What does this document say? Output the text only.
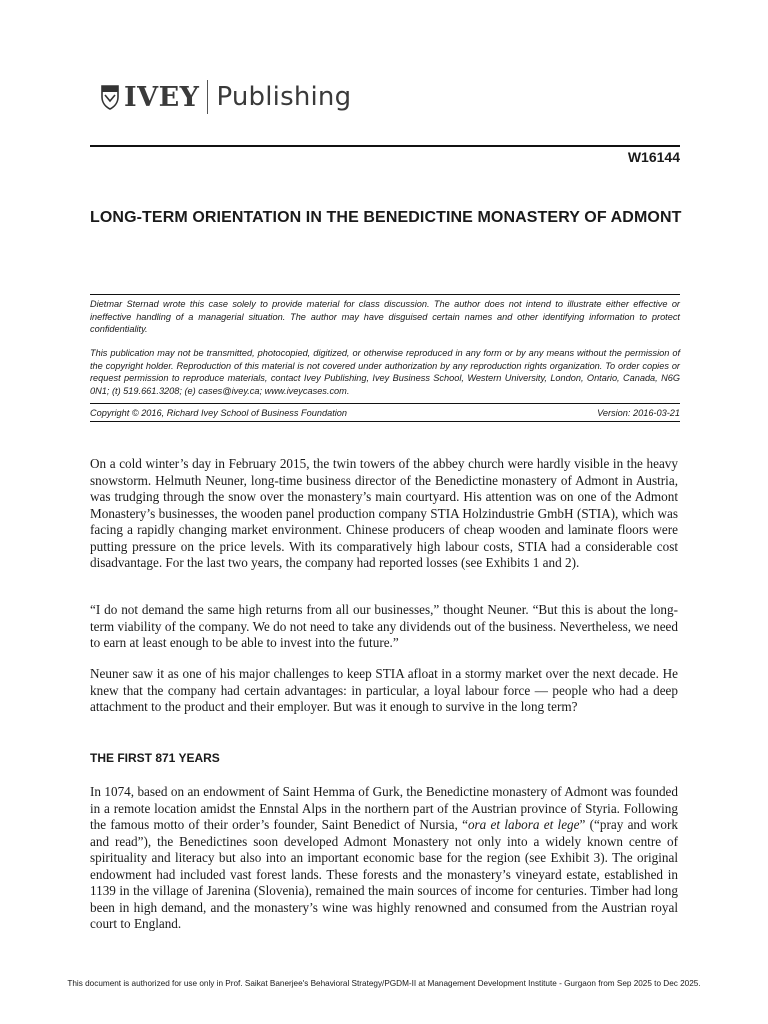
IVEY Publishing
W16144
LONG-TERM ORIENTATION IN THE BENEDICTINE MONASTERY OF ADMONT
Dietmar Sternad wrote this case solely to provide material for class discussion. The author does not intend to illustrate either effective or ineffective handling of a managerial situation. The author may have disguised certain names and other identifying information to protect confidentiality.
This publication may not be transmitted, photocopied, digitized, or otherwise reproduced in any form or by any means without the permission of the copyright holder. Reproduction of this material is not covered under authorization by any reproduction rights organization. To order copies or request permission to reproduce materials, contact Ivey Publishing, Ivey Business School, Western University, London, Ontario, Canada, N6G 0N1; (t) 519.661.3208; (e) cases@ivey.ca; www.iveycases.com.
Copyright © 2016, Richard Ivey School of Business Foundation	Version: 2016-03-21
On a cold winter’s day in February 2015, the twin towers of the abbey church were hardly visible in the heavy snowstorm. Helmuth Neuner, long-time business director of the Benedictine monastery of Admont in Austria, was trudging through the snow over the monastery’s main courtyard. His attention was on one of the Admont Monastery’s businesses, the wooden panel production company STIA Holzindustrie GmbH (STIA), which was facing a rapidly changing market environment. Chinese producers of cheap wooden and laminate floors were putting pressure on the price levels. With its comparatively high labour costs, STIA had a considerable cost disadvantage. For the last two years, the company had reported losses (see Exhibits 1 and 2).
“I do not demand the same high returns from all our businesses,” thought Neuner. “But this is about the long-term viability of the company. We do not need to take any dividends out of the business. Nevertheless, we need to earn at least enough to be able to invest into the future.”
Neuner saw it as one of his major challenges to keep STIA afloat in a stormy market over the next decade. He knew that the company had certain advantages: in particular, a loyal labour force — people who had a deep attachment to the product and their employer. But was it enough to survive in the long term?
THE FIRST 871 YEARS
In 1074, based on an endowment of Saint Hemma of Gurk, the Benedictine monastery of Admont was founded in a remote location amidst the Ennstal Alps in the northern part of the Austrian province of Styria. Following the famous motto of their order’s founder, Saint Benedict of Nursia, “ora et labora et lege” (“pray and work and read”), the Benedictines soon developed Admont Monastery not only into a widely known centre of spirituality and literacy but also into an important economic base for the region (see Exhibit 3). The original endowment had included vast forest lands. These forests and the monastery’s vineyard estate, established in 1139 in the village of Jarenina (Slovenia), remained the main sources of income for centuries. Timber had long been in high demand, and the monastery’s wine was highly renowned and consumed from the Austrian royal court to England.
This document is authorized for use only in Prof. Saikat Banerjee's Behavioral Strategy/PGDM-II at Management Development Institute - Gurgaon from Sep 2025 to Dec 2025.
